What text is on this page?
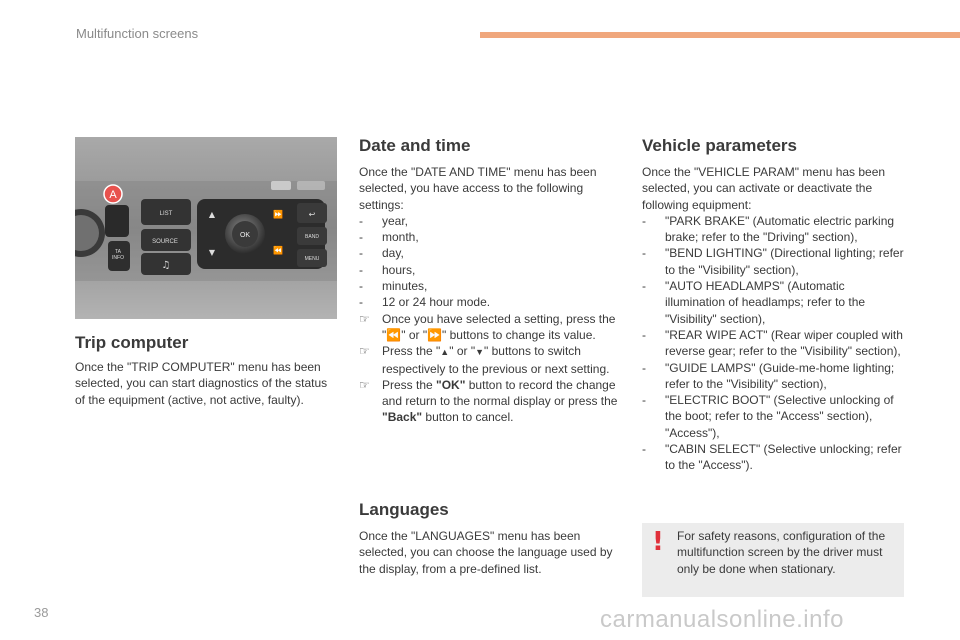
Multifunction screens
A
LIST
SOURCE
♫
TA
INFO
OK
▲
▼
⏩
⏪
↩
BAND
MENU
Trip computer

Once the "TRIP COMPUTER" menu has been selected, you can start diagnostics of the status of the equipment (active, not active, faulty).

Date and time

Once the "DATE AND TIME" menu has been selected, you have access to the following settings:

-	year,
-	month,
-	day,
-	hours,
-	minutes,
-	12 or 24 hour mode.
☞	Once you have selected a setting, press the "⏪" or "⏩" buttons to change its value.
☞	Press the "▲" or "▼" buttons to switch respectively to the previous or next setting.
☞	Press the "OK" button to record the change and return to the normal display or press the "Back" button to cancel.
Languages

Once the "LANGUAGES" menu has been selected, you can choose the language used by the display, from a pre-defined list.

Vehicle parameters

Once the "VEHICLE PARAM" menu has been selected, you can activate or deactivate the following equipment:

-	"PARK BRAKE" (Automatic electric parking brake; refer to the "Driving" section),
-	"BEND LIGHTING" (Directional lighting; refer to the "Visibility" section),
-	"AUTO HEADLAMPS" (Automatic illumination of headlamps; refer to the "Visibility" section),
-	"REAR WIPE ACT" (Rear wiper coupled with reverse gear; refer to the "Visibility" section),
-	"GUIDE LAMPS" (Guide-me-home lighting; refer to the "Visibility" section),
-	"ELECTRIC BOOT" (Selective unlocking of the boot; refer to the "Access" section), "Access"),
-	"CABIN SELECT" (Selective unlocking; refer to the "Access").
! For safety reasons, configuration of the multifunction screen by the driver must only be done when stationary.
38	carmanualsonline.info
